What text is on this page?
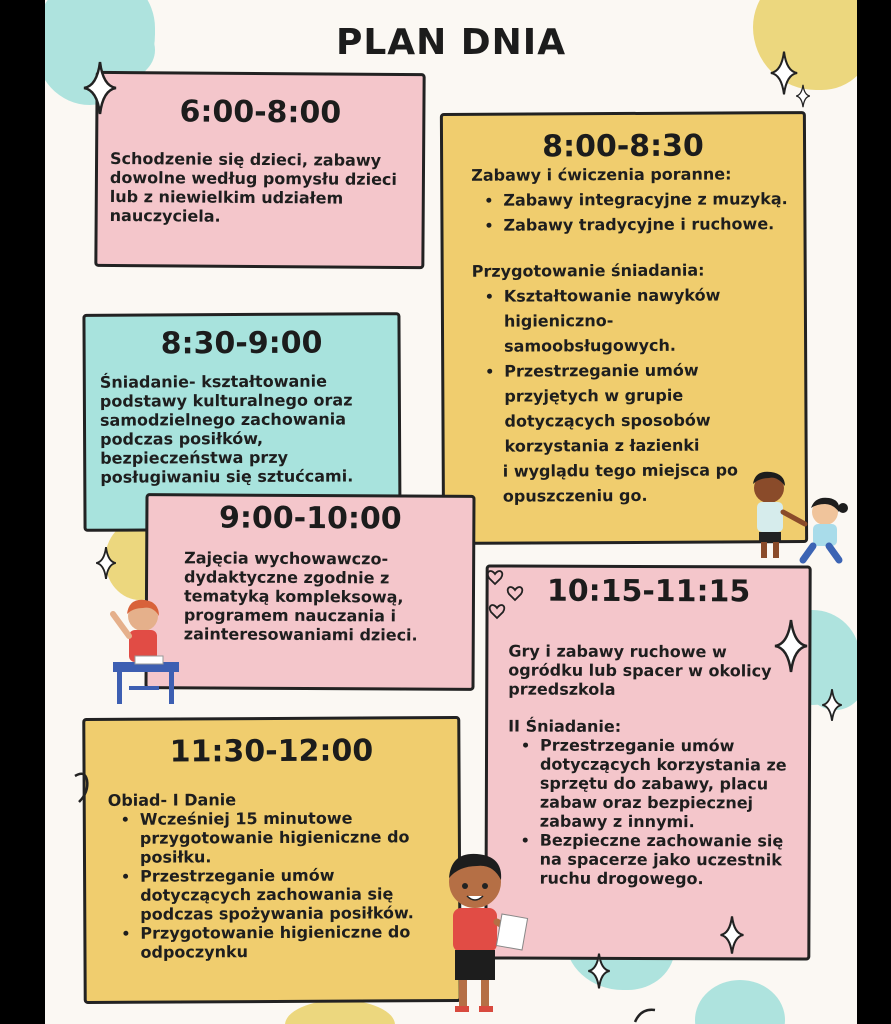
PLAN DNIA
6:00-8:00

Schodzenie się dzieci, zabawy dowolne według pomysłu dzieci lub z niewielkim udziałem nauczyciela.

8:00-8:30

Zabawy i ćwiczenia poranne:

• Zabawy integracyjne z muzyką.
• Zabawy tradycyjne i ruchowe.

Przygotowanie śniadania:

• Kształtowanie nawyków higieniczno-samoobsługowych.
• Przestrzeganie umów przyjętych w grupie dotyczących sposobów korzystania z łazienki

i wyglądu tego miejsca po opuszczeniu go.

8:30-9:00

Śniadanie- kształtowanie podstawy kulturalnego oraz samodzielnego zachowania podczas posiłków, bezpieczeństwa przy posługiwaniu się sztućcami.

9:00-10:00

Zajęcia wychowawczo-dydaktyczne zgodnie z tematyką kompleksową, programem nauczania i zainteresowaniami dzieci.

10:15-11:15

Gry i zabawy ruchowe w ogródku lub spacer w okolicy przedszkola

II Śniadanie:

• Przestrzeganie umów dotyczących korzystania ze sprzętu do zabawy, placu zabaw oraz bezpiecznej zabawy z innymi.
• Bezpieczne zachowanie się na spacerze jako uczestnik ruchu drogowego.
11:30-12:00

Obiad- I Danie

• Wcześniej 15 minutowe przygotowanie higieniczne do posiłku.
• Przestrzeganie umów dotyczących zachowania się podczas spożywania posiłków.
• Przygotowanie higieniczne do odpoczynku
